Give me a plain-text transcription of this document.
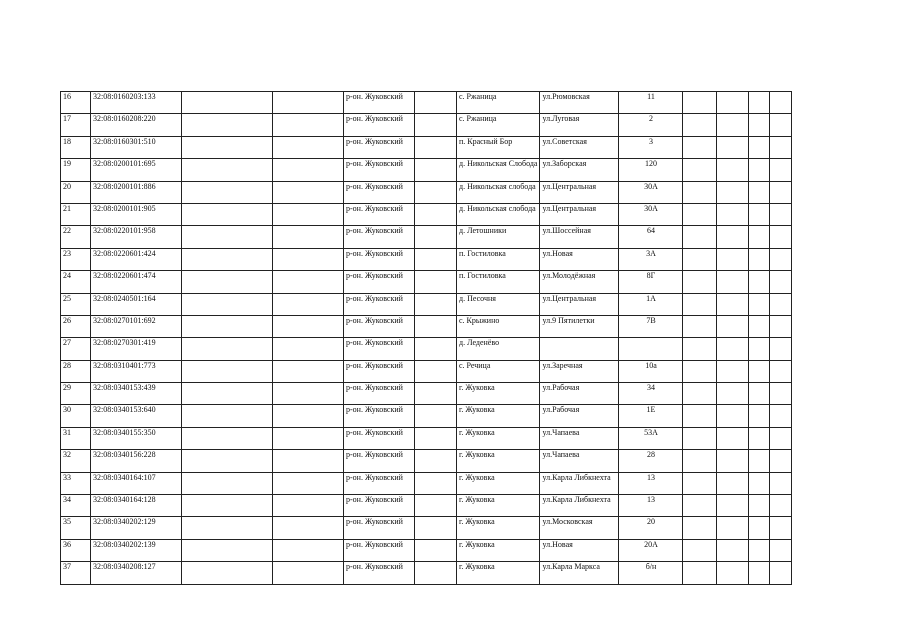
16	32:08:0160203:133			р-он. Жуковский		с. Ржаница	ул.Рюмовская	11				
17	32:08:0160208:220			р-он. Жуковский		с. Ржаница	ул.Луговая	2				
18	32:08:0160301:510			р-он. Жуковский		п. Красный Бор	ул.Советская	3				
19	32:08:0200101:695			р-он. Жуковский		д. Никольская Слобода	ул.Заборская	120				
20	32:08:0200101:886			р-он. Жуковский		д. Никольская слобода	ул.Центральная	30А				
21	32:08:0200101:905			р-он. Жуковский		д. Никольская слобода	ул.Центральная	30А				
22	32:08:0220101:958			р-он. Жуковский		д. Летошники	ул.Шоссейная	64				
23	32:08:0220601:424			р-он. Жуковский		п. Гостиловка	ул.Новая	3А				
24	32:08:0220601:474			р-он. Жуковский		п. Гостиловка	ул.Молодёжная	8Г				
25	32:08:0240501:164			р-он. Жуковский		д. Песочня	ул.Центральная	1А				
26	32:08:0270101:692			р-он. Жуковский		с. Крыжино	ул.9 Пятилетки	7В				
27	32:08:0270301:419			р-он. Жуковский		д. Леденёво						
28	32:08:0310401:773			р-он. Жуковский		с. Речица	ул.Заречная	10а				
29	32:08:0340153:439			р-он. Жуковский		г. Жуковка	ул.Рабочая	34				
30	32:08:0340153:640			р-он. Жуковский		г. Жуковка	ул.Рабочая	1Е				
31	32:08:0340155:350			р-он. Жуковский		г. Жуковка	ул.Чапаева	53А				
32	32:08:0340156:228			р-он. Жуковский		г. Жуковка	ул.Чапаева	28				
33	32:08:0340164:107			р-он. Жуковский		г. Жуковка	ул.Карла Либкнехта	13				
34	32:08:0340164:128			р-он. Жуковский		г. Жуковка	ул.Карла Либкнехта	13				
35	32:08:0340202:129			р-он. Жуковский		г. Жуковка	ул.Московская	20				
36	32:08:0340202:139			р-он. Жуковский		г. Жуковка	ул.Новая	20А				
37	32:08:0340208:127			р-он. Жуковский		г. Жуковка	ул.Карла Маркса	б/н				
